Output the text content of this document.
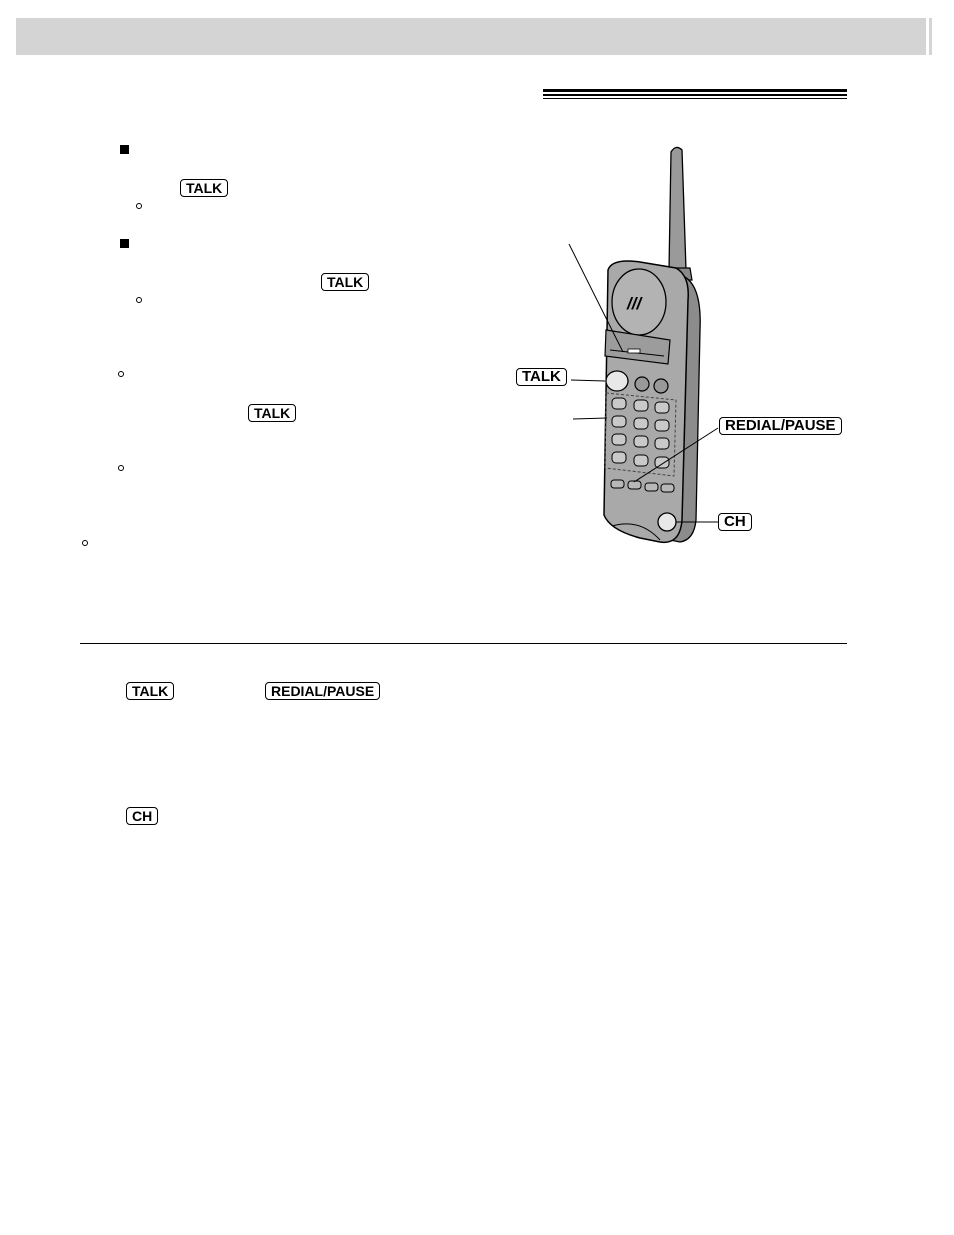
TALK
TALK
TALK
TALK	REDIAL/PAUSE
CH
///
TALK
REDIAL/PAUSE
CH
